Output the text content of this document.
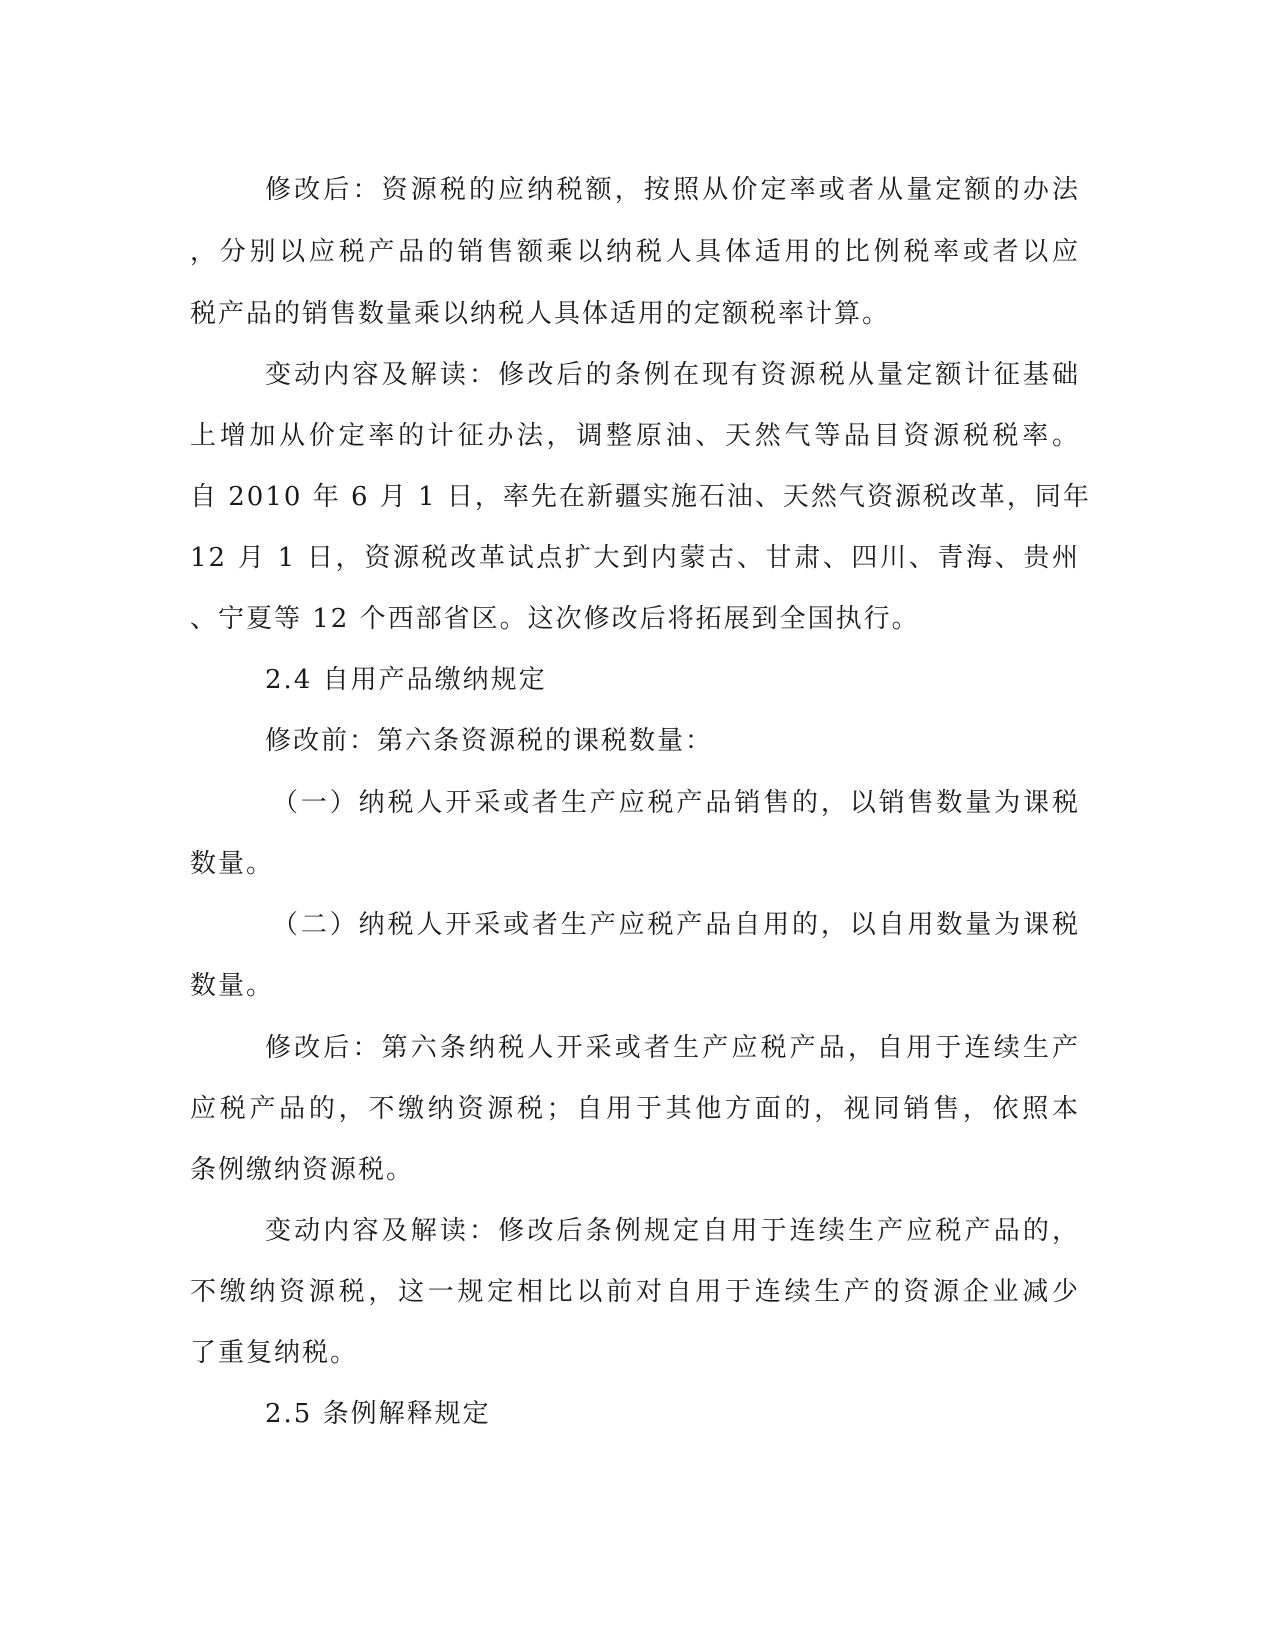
修改后：资源税的应纳税额，按照从价定率或者从量定额的办法
，分别以应税产品的销售额乘以纳税人具体适用的比例税率或者以应
税产品的销售数量乘以纳税人具体适用的定额税率计算。
变动内容及解读：修改后的条例在现有资源税从量定额计征基础
上增加从价定率的计征办法，调整原油、天然气等品目资源税税率。
自 2010 年 6 月 1 日，率先在新疆实施石油、天然气资源税改革，同年
12 月 1 日，资源税改革试点扩大到内蒙古、甘肃、四川、青海、贵州
、宁夏等 12 个西部省区。这次修改后将拓展到全国执行。
2.4 自用产品缴纳规定
修改前：第六条资源税的课税数量：
（一）纳税人开采或者生产应税产品销售的，以销售数量为课税
数量。
（二）纳税人开采或者生产应税产品自用的，以自用数量为课税
数量。
修改后：第六条纳税人开采或者生产应税产品，自用于连续生产
应税产品的，不缴纳资源税；自用于其他方面的，视同销售，依照本
条例缴纳资源税。
变动内容及解读：修改后条例规定自用于连续生产应税产品的，
不缴纳资源税，这一规定相比以前对自用于连续生产的资源企业减少
了重复纳税。
2.5 条例解释规定
